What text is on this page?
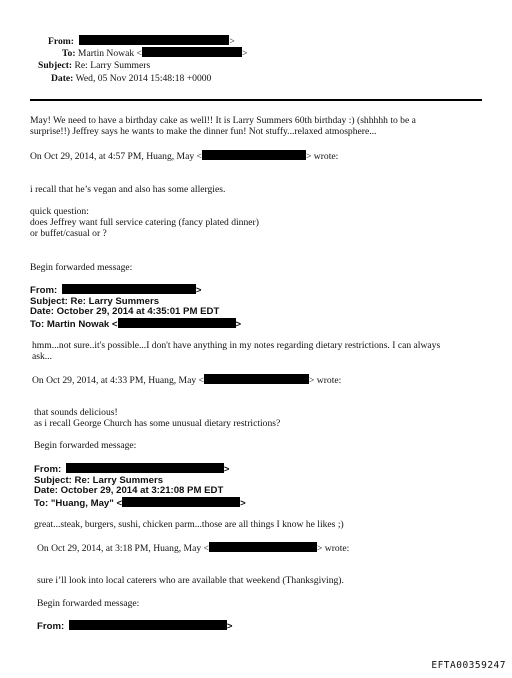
From:	>
To: Martin Nowak <	>
Subject: Re: Larry Summers
Date: Wed, 05 Nov 2014 15:48:18 +0000
May! We need to have a birthday cake as well!! It is Larry Summers 60th birthday :) (shhhhh to be a
surprise!!) Jeffrey says he wants to make the dinner fun! Not stuffy...relaxed atmosphere...
On Oct 29, 2014, at 4:57 PM, Huang, May <	> wrote:
i recall that he’s vegan and also has some allergies.
quick question:
does Jeffrey want full service catering (fancy plated dinner)
or buffet/casual or ?
Begin forwarded message:
From:	>
Subject: Re: Larry Summers
Date: October 29, 2014 at 4:35:01 PM EDT
To: Martin Nowak <	>
hmm...not sure..it's possible...I don't have anything in my notes regarding dietary restrictions. I can always
ask...
On Oct 29, 2014, at 4:33 PM, Huang, May <	> wrote:
that sounds delicious!
as i recall George Church has some unusual dietary restrictions?
Begin forwarded message:
From:	>
Subject: Re: Larry Summers
Date: October 29, 2014 at 3:21:08 PM EDT
To: "Huang, May" <	>
great...steak, burgers, sushi, chicken parm...those are all things I know he likes ;)
On Oct 29, 2014, at 3:18 PM, Huang, May <	> wrote:
sure i’ll look into local caterers who are available that weekend (Thanksgiving).
Begin forwarded message:
From:	>
EFTA00359247
